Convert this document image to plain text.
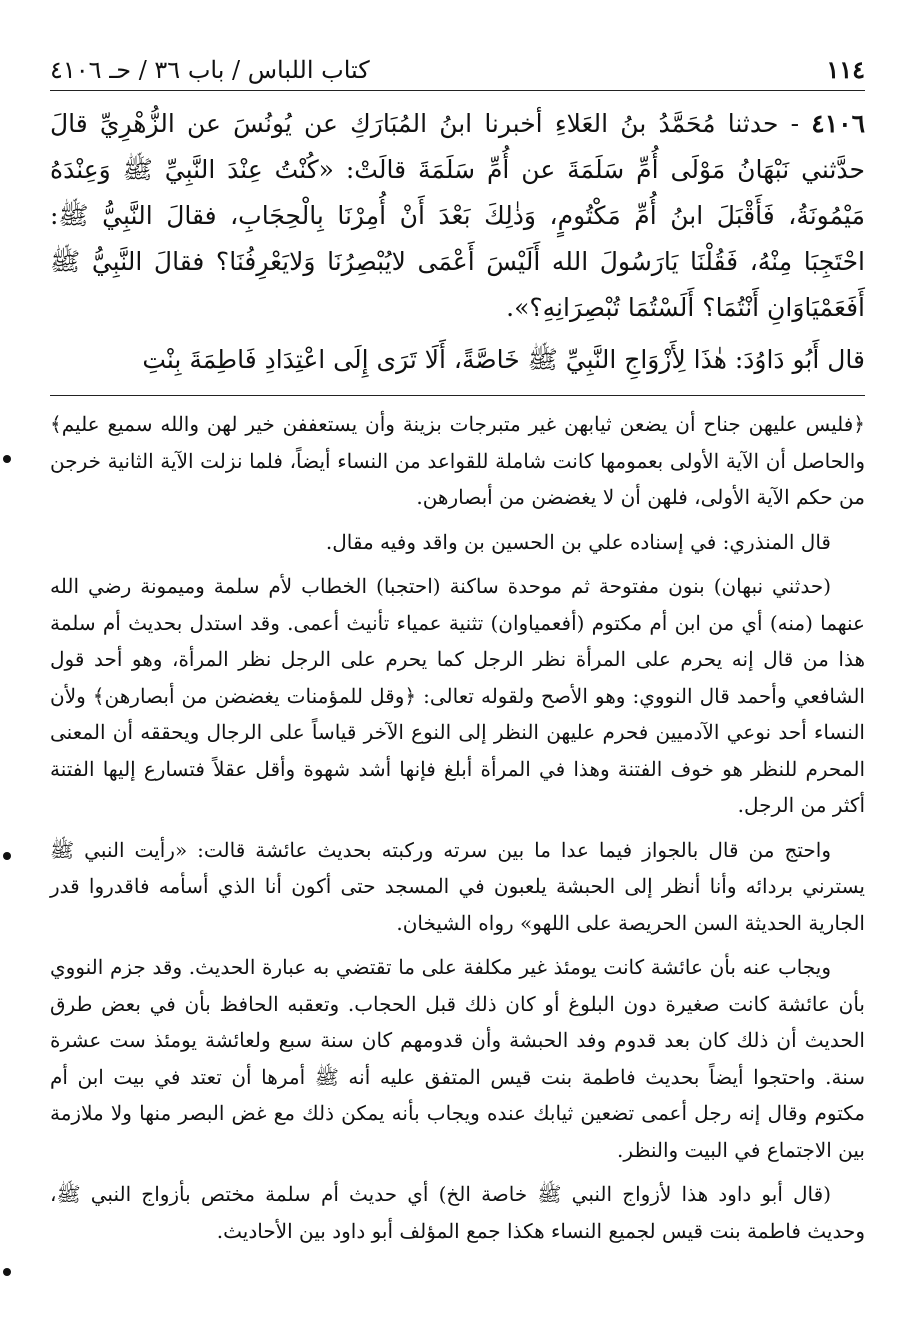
١١٤
كتاب اللباس / باب ٣٦ / حـ ٤١٠٦

٤١٠٦ - حدثنا مُحَمَّدُ بنُ العَلاءِ أخبرنا ابنُ المُبَارَكِ عن يُونُسَ عن الزُّهْرِيِّ قالَ حدَّثني نَبْهَانُ مَوْلَى أُمِّ سَلَمَةَ عن أُمِّ سَلَمَةَ قالَتْ: «كُنْتُ عِنْدَ النَّبِيِّ ﷺ وَعِنْدَهُ مَيْمُونَةُ، فَأَقْبَلَ ابنُ أُمِّ مَكْتُومٍ، وَذٰلِكَ بَعْدَ أَنْ أُمِرْنَا بِالْحِجَابِ، فقالَ النَّبِيُّ ﷺ: احْتَجِبَا مِنْهُ، فَقُلْنَا يَارَسُولَ الله أَلَيْسَ أَعْمَى لايُبْصِرُنَا وَلايَعْرِفُنَا؟ فقالَ النَّبِيُّ ﷺ أَفَعَمْيَاوَانِ أَنْتُمَا؟ أَلَسْتُمَا تُبْصِرَانِهِ؟».

قال أَبُو دَاوُدَ: هٰذَا لِأَزْوَاجِ النَّبِيِّ ﷺ خَاصَّةً، أَلَا تَرَى إِلَى اعْتِدَادِ فَاطِمَةَ بِنْتِ

﴿فليس عليهن جناح أن يضعن ثيابهن غير متبرجات بزينة وأن يستعففن خير لهن والله سميع عليم﴾ والحاصل أن الآية الأولى بعمومها كانت شاملة للقواعد من النساء أيضاً، فلما نزلت الآية الثانية خرجن من حكم الآية الأولى، فلهن أن لا يغضضن من أبصارهن.

قال المنذري: في إسناده علي بن الحسين بن واقد وفيه مقال.

(حدثني نبهان) بنون مفتوحة ثم موحدة ساكنة (احتجبا) الخطاب لأم سلمة وميمونة رضي الله عنهما (منه) أي من ابن أم مكتوم (أفعمياوان) تثنية عمياء تأنيث أعمى. وقد استدل بحديث أم سلمة هذا من قال إنه يحرم على المرأة نظر الرجل كما يحرم على الرجل نظر المرأة، وهو أحد قول الشافعي وأحمد قال النووي: وهو الأصح ولقوله تعالى: ﴿وقل للمؤمنات يغضضن من أبصارهن﴾ ولأن النساء أحد نوعي الآدميين فحرم عليهن النظر إلى النوع الآخر قياساً على الرجال ويحققه أن المعنى المحرم للنظر هو خوف الفتنة وهذا في المرأة أبلغ فإنها أشد شهوة وأقل عقلاً فتسارع إليها الفتنة أكثر من الرجل.

واحتج من قال بالجواز فيما عدا ما بين سرته وركبته بحديث عائشة قالت: «رأيت النبي ﷺ يسترني بردائه وأنا أنظر إلى الحبشة يلعبون في المسجد حتى أكون أنا الذي أسأمه فاقدروا قدر الجارية الحديثة السن الحريصة على اللهو» رواه الشيخان.

ويجاب عنه بأن عائشة كانت يومئذ غير مكلفة على ما تقتضي به عبارة الحديث. وقد جزم النووي بأن عائشة كانت صغيرة دون البلوغ أو كان ذلك قبل الحجاب. وتعقبه الحافظ بأن في بعض طرق الحديث أن ذلك كان بعد قدوم وفد الحبشة وأن قدومهم كان سنة سبع ولعائشة يومئذ ست عشرة سنة. واحتجوا أيضاً بحديث فاطمة بنت قيس المتفق عليه أنه ﷺ أمرها أن تعتد في بيت ابن أم مكتوم وقال إنه رجل أعمى تضعين ثيابك عنده ويجاب بأنه يمكن ذلك مع غض البصر منها ولا ملازمة بين الاجتماع في البيت والنظر.

(قال أبو داود هذا لأزواج النبي ﷺ خاصة الخ) أي حديث أم سلمة مختص بأزواج النبي ﷺ، وحديث فاطمة بنت قيس لجميع النساء هكذا جمع المؤلف أبو داود بين الأحاديث.
